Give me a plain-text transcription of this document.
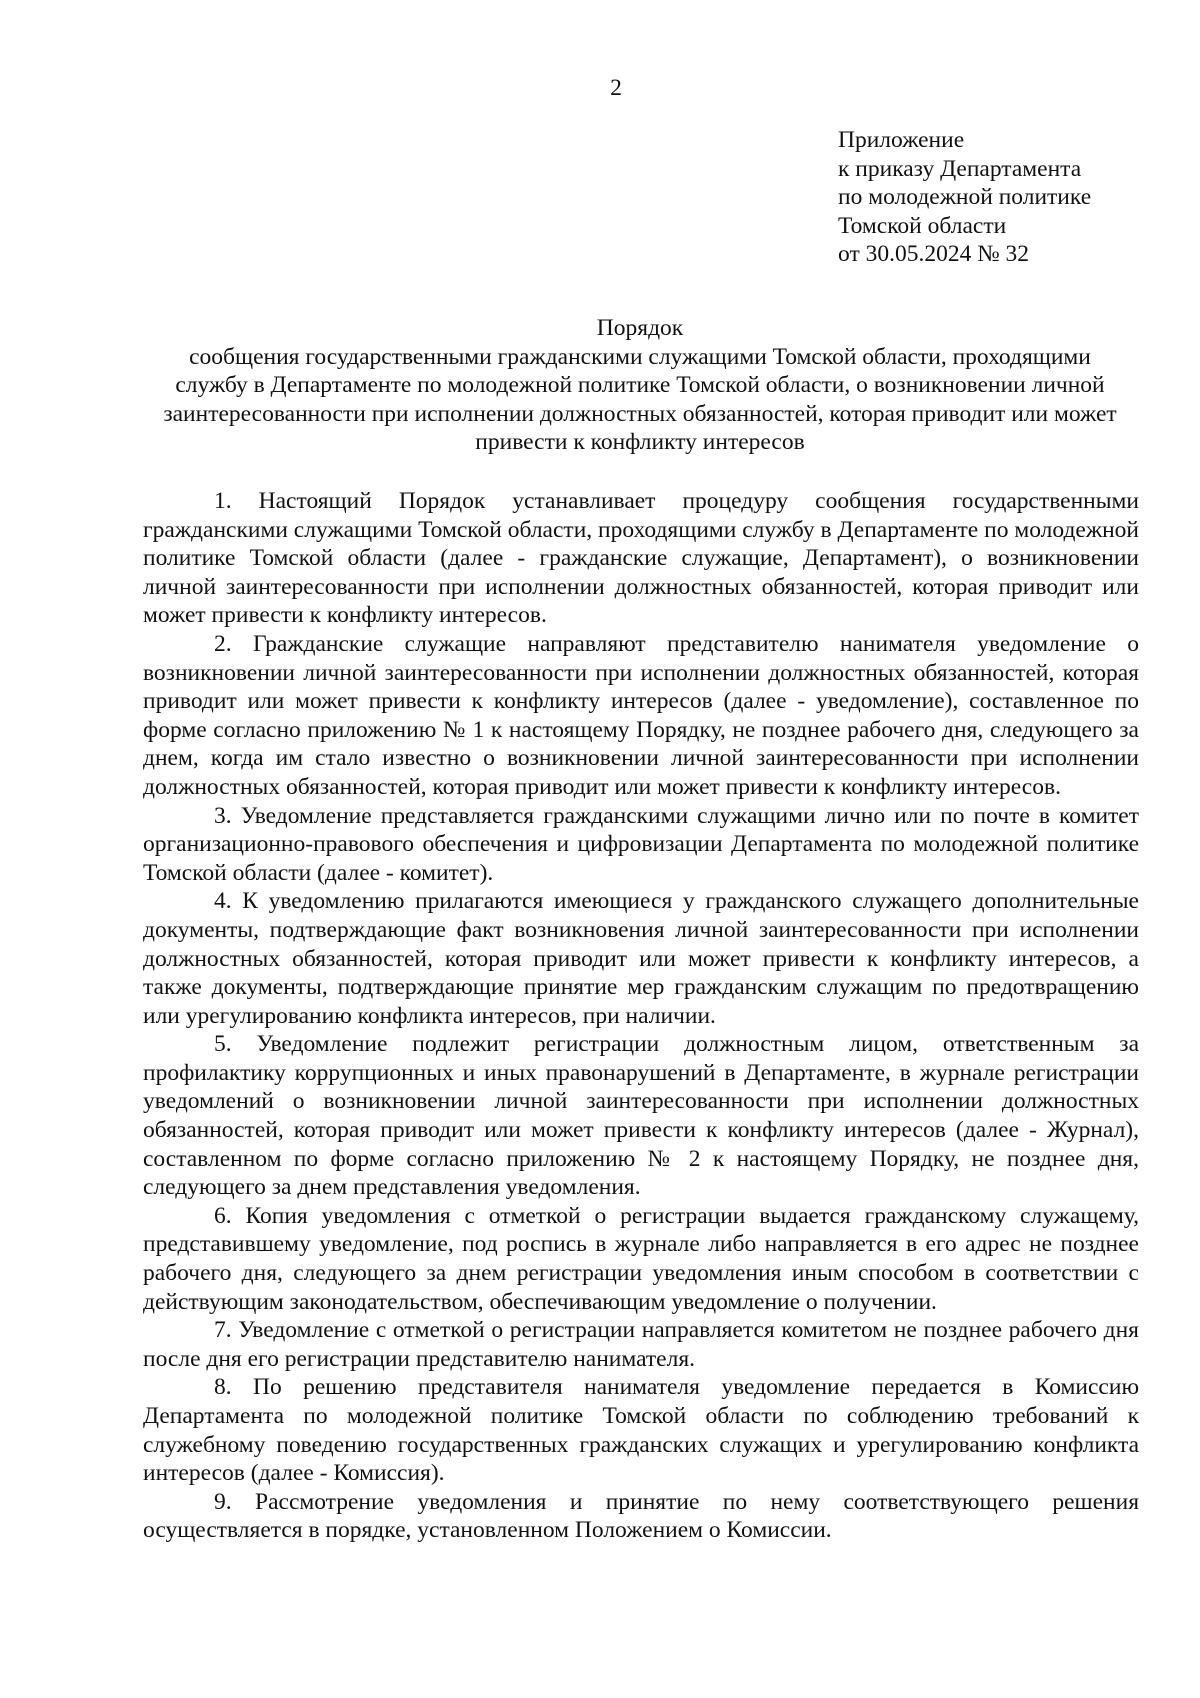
2
Приложение
к приказу Департамента
по молодежной политике
Томской области
от 30.05.2024 № 32
Порядок
сообщения государственными гражданскими служащими Томской области, проходящими
службу в Департаменте по молодежной политике Томской области, о возникновении личной
заинтересованности при исполнении должностных обязанностей, которая приводит или может
привести к конфликту интересов

1. Настоящий Порядок устанавливает процедуру сообщения государственными гражданскими служащими Томской области, проходящими службу в Департаменте по молодежной политике Томской области (далее - гражданские служащие, Департамент), о возникновении личной заинтересованности при исполнении должностных обязанностей, которая приводит или может привести к конфликту интересов.

2. Гражданские служащие направляют представителю нанимателя уведомление о возникновении личной заинтересованности при исполнении должностных обязанностей, которая приводит или может привести к конфликту интересов (далее - уведомление), составленное по форме согласно приложению № 1 к настоящему Порядку, не позднее рабочего дня, следующего за днем, когда им стало известно о возникновении личной заинтересованности при исполнении должностных обязанностей, которая приводит или может привести к конфликту интересов.

3. Уведомление представляется гражданскими служащими лично или по почте в комитет организационно-правового обеспечения и цифровизации Департамента по молодежной политике Томской области (далее - комитет).

4. К уведомлению прилагаются имеющиеся у гражданского служащего дополнительные документы, подтверждающие факт возникновения личной заинтересованности при исполнении должностных обязанностей, которая приводит или может привести к конфликту интересов, а также документы, подтверждающие принятие мер гражданским служащим по предотвращению или урегулированию конфликта интересов, при наличии.

5. Уведомление подлежит регистрации должностным лицом, ответственным за профилактику коррупционных и иных правонарушений в Департаменте, в журнале регистрации уведомлений о возникновении личной заинтересованности при исполнении должностных обязанностей, которая приводит или может привести к конфликту интересов (далее - Журнал), составленном по форме согласно приложению № 2 к настоящему Порядку, не позднее дня, следующего за днем представления уведомления.

6. Копия уведомления с отметкой о регистрации выдается гражданскому служащему, представившему уведомление, под роспись в журнале либо направляется в его адрес не позднее рабочего дня, следующего за днем регистрации уведомления иным способом в соответствии с действующим законодательством, обеспечивающим уведомление о получении.

7. Уведомление с отметкой о регистрации направляется комитетом не позднее рабочего дня после дня его регистрации представителю нанимателя.

8. По решению представителя нанимателя уведомление передается в Комиссию Департамента по молодежной политике Томской области по соблюдению требований к служебному поведению государственных гражданских служащих и урегулированию конфликта интересов (далее - Комиссия).

9. Рассмотрение уведомления и принятие по нему соответствующего решения осуществляется в порядке, установленном Положением о Комиссии.
